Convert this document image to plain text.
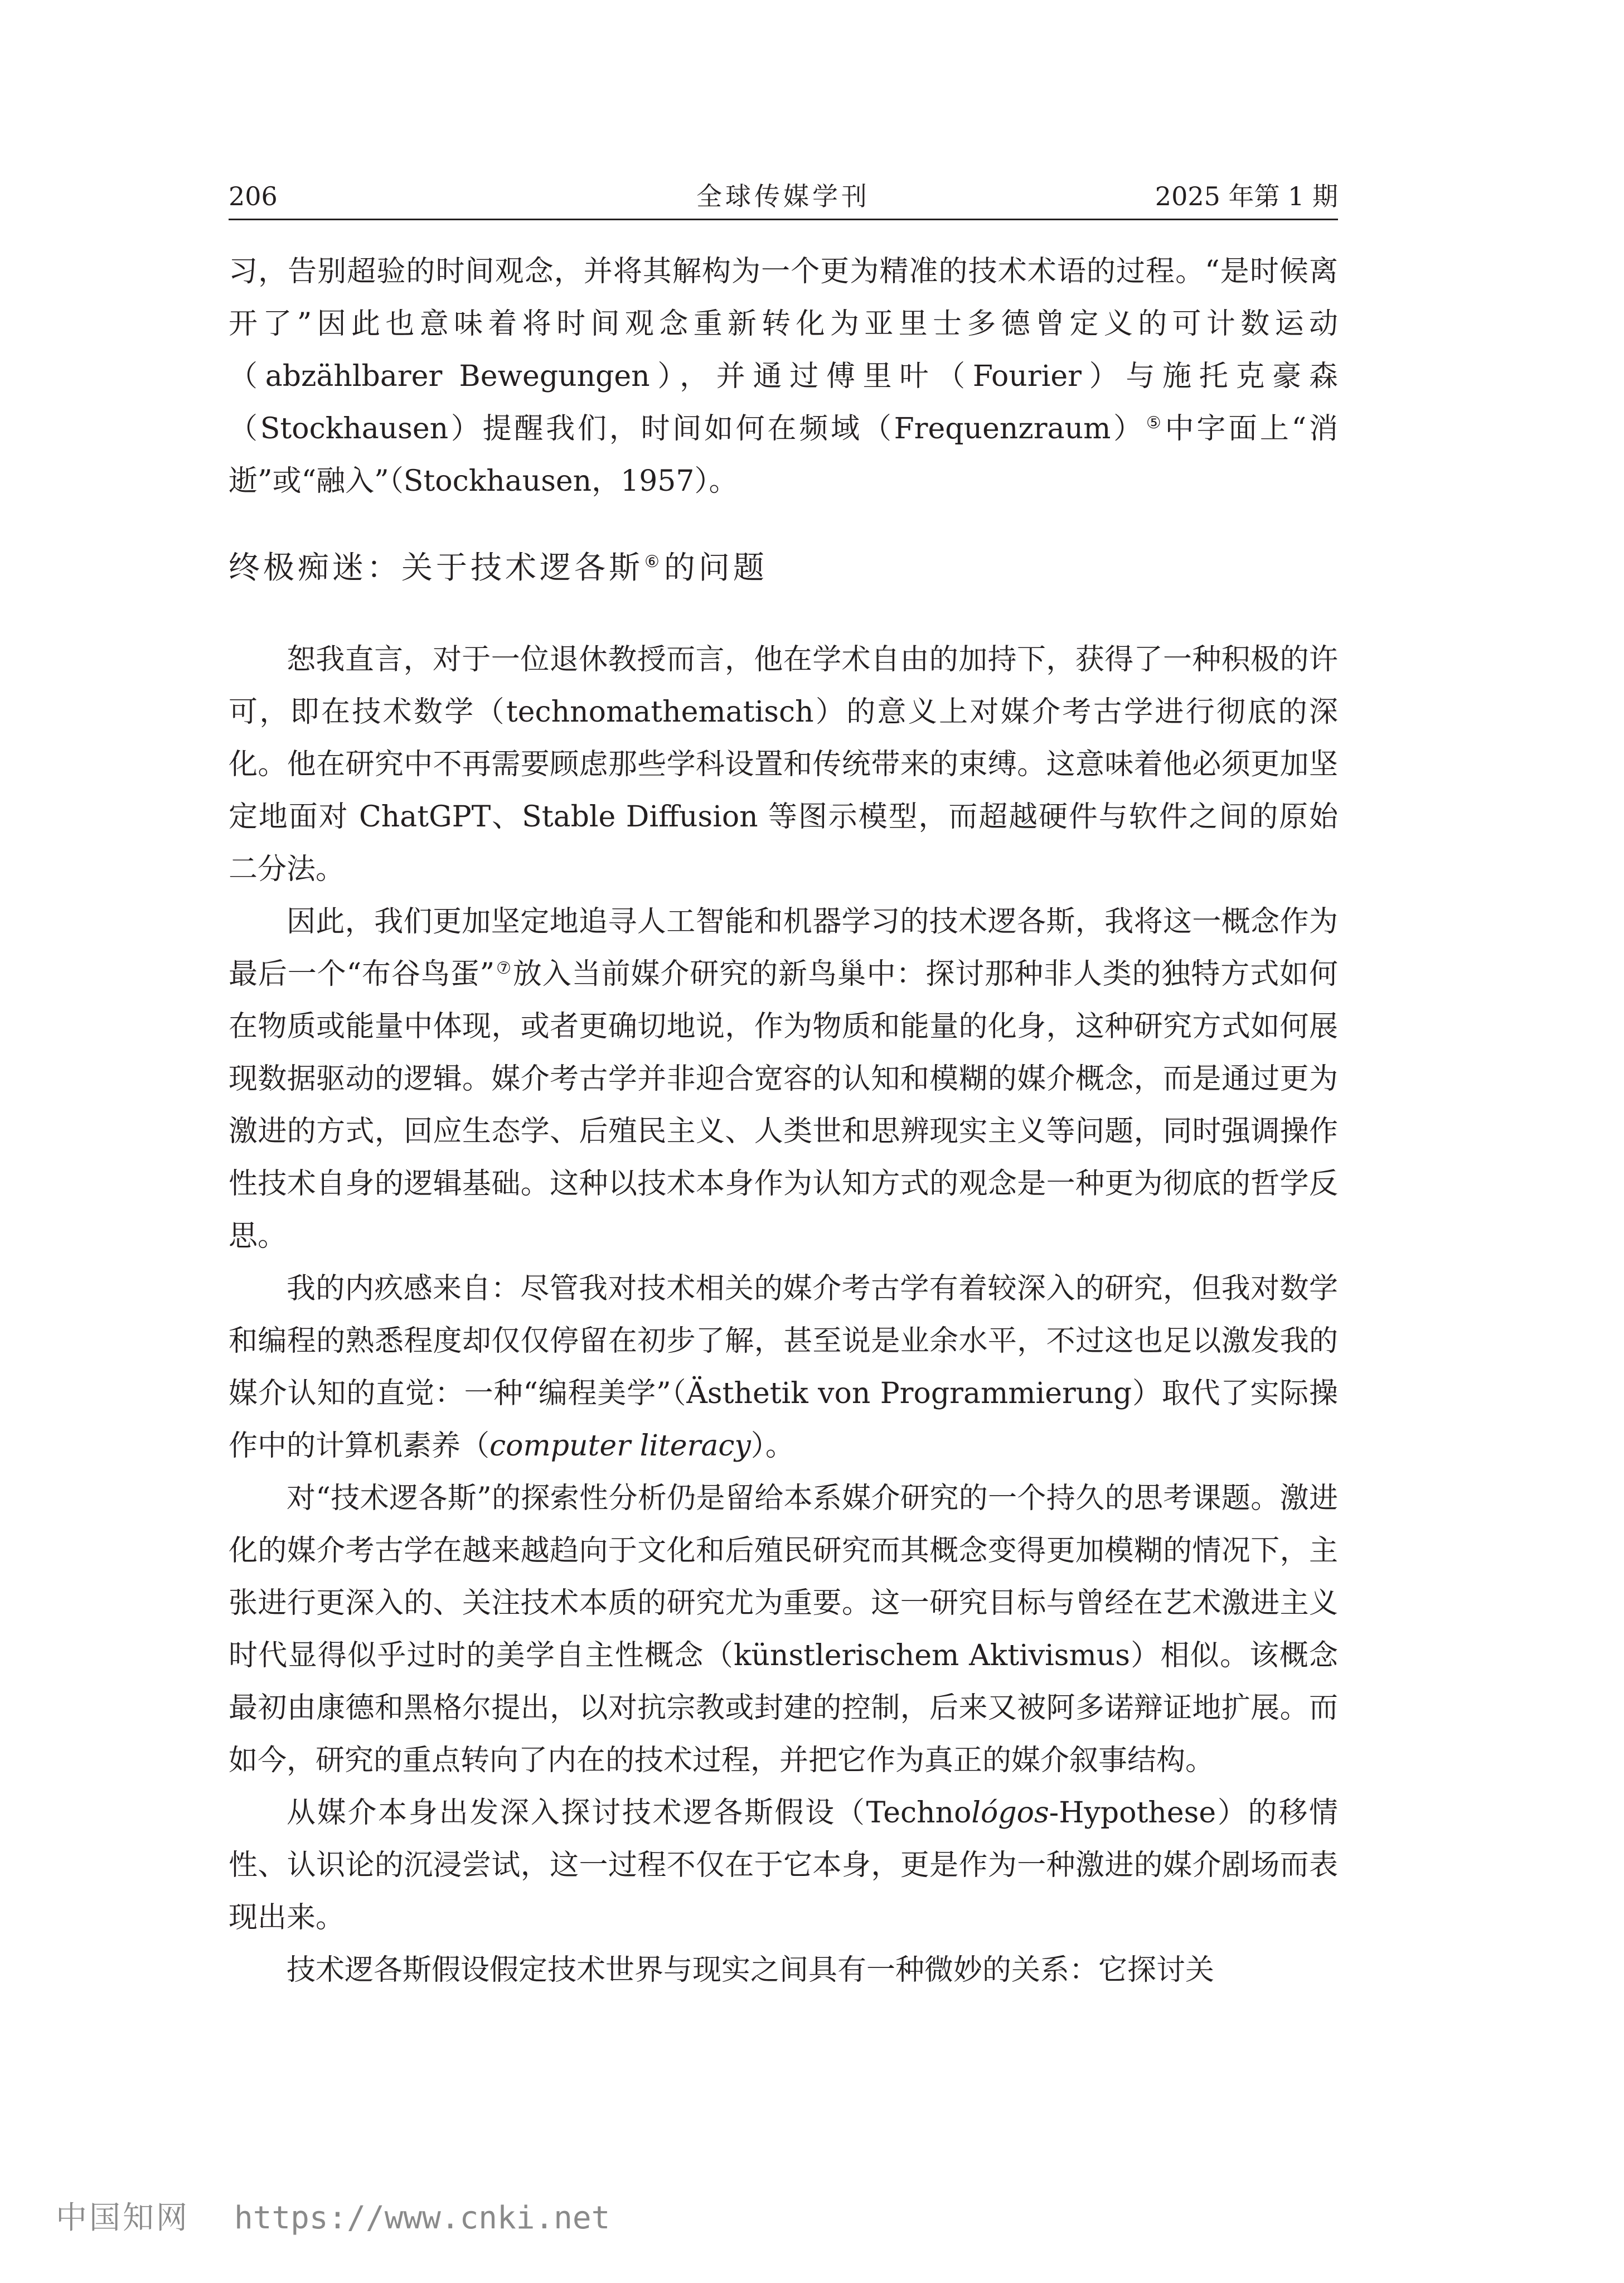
206	全球传媒学刊	2025 年第 1 期

习，告别超验的时间观念，并将其解构为一个更为精准的技术术语的过程。“是时候离开了”因此也意味着将时间观念重新转化为亚里士多德曾定义的可计数运动（abzählbarer Bewegungen），并通过傅里叶（Fourier）与施托克豪森（Stockhausen）提醒我们，时间如何在频域（Frequenzraum）⑤中字面上“消逝”或“融入”（Stockhausen，1957）。

终极痴迷：关于技术逻各斯⑥的问题

恕我直言，对于一位退休教授而言，他在学术自由的加持下，获得了一种积极的许可，即在技术数学（technomathematisch）的意义上对媒介考古学进行彻底的深化。他在研究中不再需要顾虑那些学科设置和传统带来的束缚。这意味着他必须更加坚定地面对 ChatGPT、Stable Diffusion 等图示模型，而超越硬件与软件之间的原始二分法。

因此，我们更加坚定地追寻人工智能和机器学习的技术逻各斯，我将这一概念作为最后一个“布谷鸟蛋”⑦放入当前媒介研究的新鸟巢中：探讨那种非人类的独特方式如何在物质或能量中体现，或者更确切地说，作为物质和能量的化身，这种研究方式如何展现数据驱动的逻辑。媒介考古学并非迎合宽容的认知和模糊的媒介概念，而是通过更为激进的方式，回应生态学、后殖民主义、人类世和思辨现实主义等问题，同时强调操作性技术自身的逻辑基础。这种以技术本身作为认知方式的观念是一种更为彻底的哲学反思。

我的内疚感来自：尽管我对技术相关的媒介考古学有着较深入的研究，但我对数学和编程的熟悉程度却仅仅停留在初步了解，甚至说是业余水平，不过这也足以激发我的媒介认知的直觉：一种“编程美学”（Ästhetik von Programmierung）取代了实际操作中的计算机素养（computer literacy）。

对“技术逻各斯”的探索性分析仍是留给本系媒介研究的一个持久的思考课题。激进化的媒介考古学在越来越趋向于文化和后殖民研究而其概念变得更加模糊的情况下，主张进行更深入的、关注技术本质的研究尤为重要。这一研究目标与曾经在艺术激进主义时代显得似乎过时的美学自主性概念（künstlerischem Aktivismus）相似。该概念最初由康德和黑格尔提出，以对抗宗教或封建的控制，后来又被阿多诺辩证地扩展。而如今，研究的重点转向了内在的技术过程，并把它作为真正的媒介叙事结构。

从媒介本身出发深入探讨技术逻各斯假设（Technológos-Hypothese）的移情性、认识论的沉浸尝试，这一过程不仅在于它本身，更是作为一种激进的媒介剧场而表现出来。

技术逻各斯假设假定技术世界与现实之间具有一种微妙的关系：它探讨关

中国知网 https://www.cnki.net
